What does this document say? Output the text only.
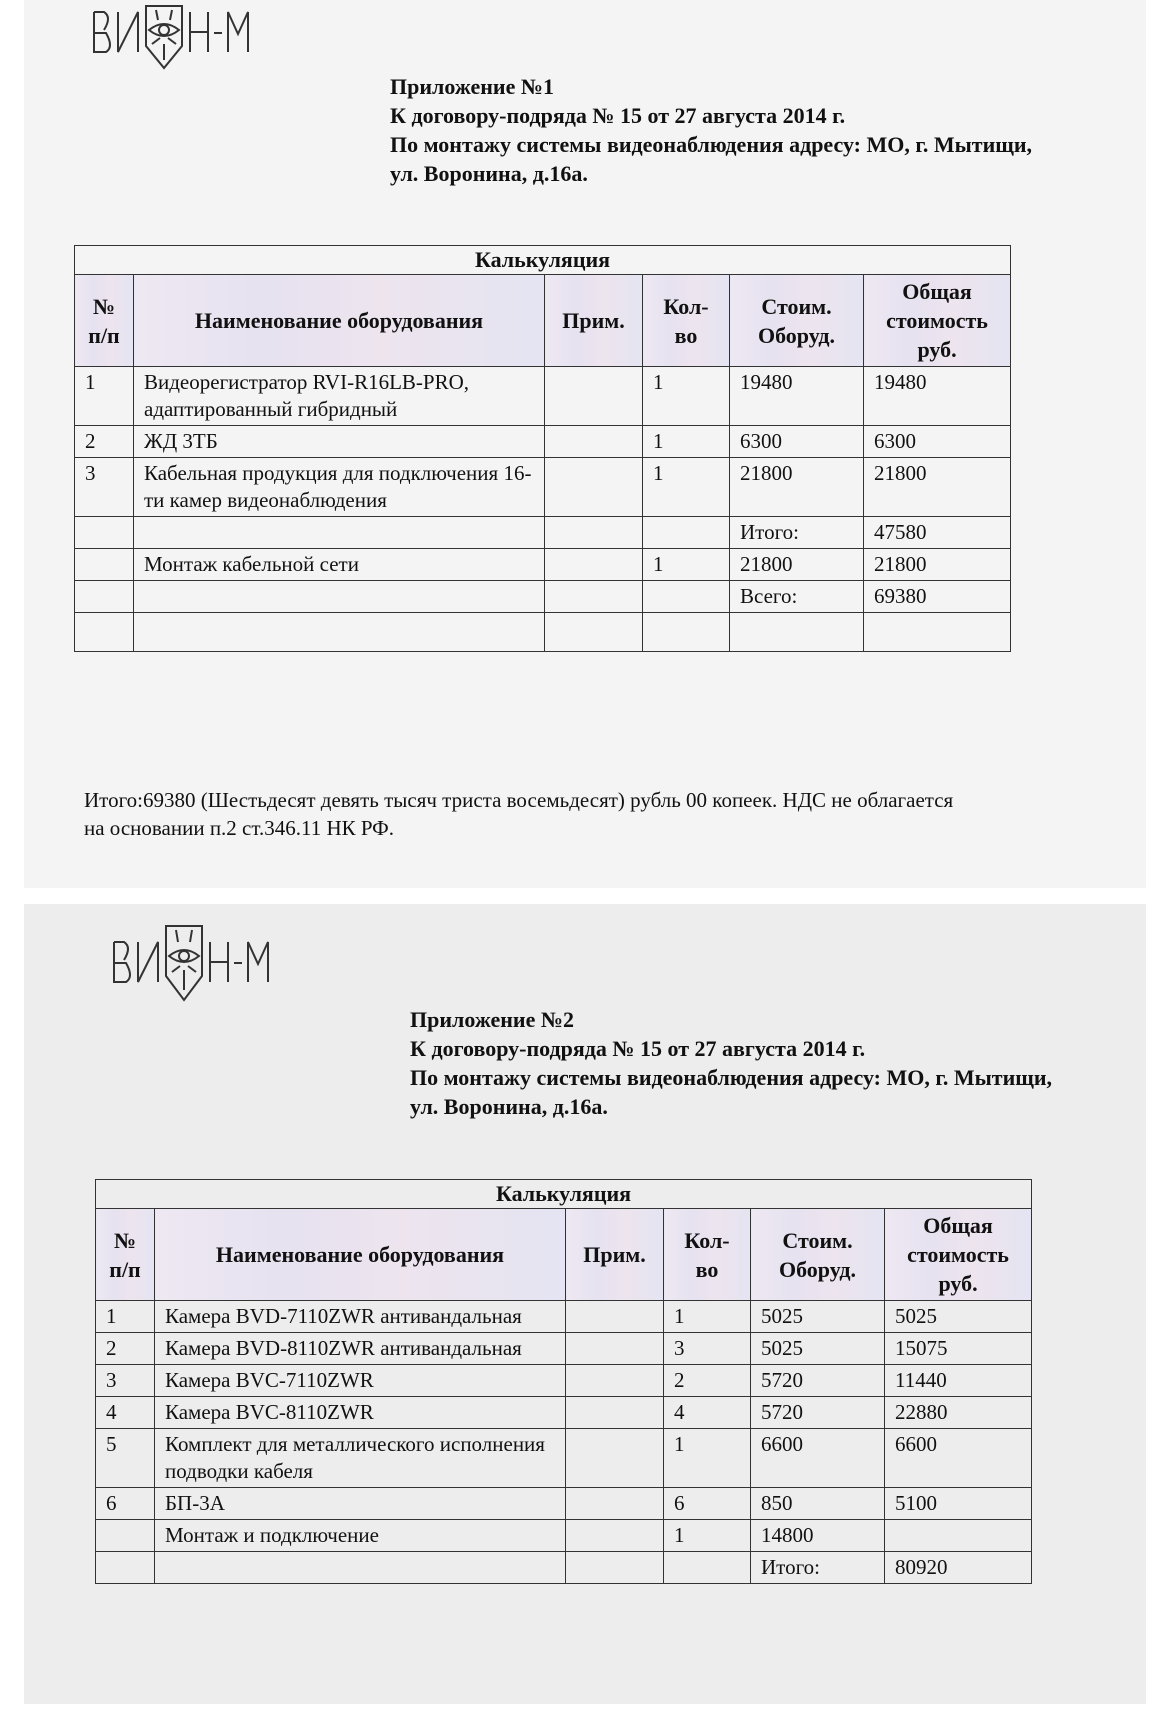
Приложение №1
К договору-подряда № 15 от 27 августа 2014 г.
По монтажу системы видеонаблюдения адресу: МО, г. Мытищи,
ул. Воронина, д.16а.
Калькуляция					
№ п/п	Наименование оборудования	Прим.	Кол-во	Стоим. Оборуд.	Общая стоимость руб.
1	Видеорегистратор RVI-R16LB-PRO, адаптированный гибридный		1	19480	19480
2	ЖД 3ТБ		1	6300	6300
3	Кабельная продукция для подключения 16-ти камер видеонаблюдения		1	21800	21800
				Итого:	47580
	Монтаж кабельной сети		1	21800	21800
				Всего:	69380

Итого:69380 (Шестьдесят девять тысяч триста восемьдесят) рубль 00 копеек. НДС не облагается
на основании п.2 ст.346.11 НК РФ.
Приложение №2
К договору-подряда № 15 от 27 августа 2014 г.
По монтажу системы видеонаблюдения адресу: МО, г. Мытищи,
ул. Воронина, д.16а.
Калькуляция					
№ п/п	Наименование оборудования	Прим.	Кол-во	Стоим. Оборуд.	Общая стоимость руб.
1	Камера BVD-7110ZWR антивандальная		1	5025	5025
2	Камера BVD-8110ZWR антивандальная		3	5025	15075
3	Камера BVC-7110ZWR		2	5720	11440
4	Камера BVC-8110ZWR		4	5720	22880
5	Комплект для металлического исполнения подводки кабеля		1	6600	6600
6	БП-3А		6	850	5100
	Монтаж и подключение		1	14800	
				Итого:	80920
